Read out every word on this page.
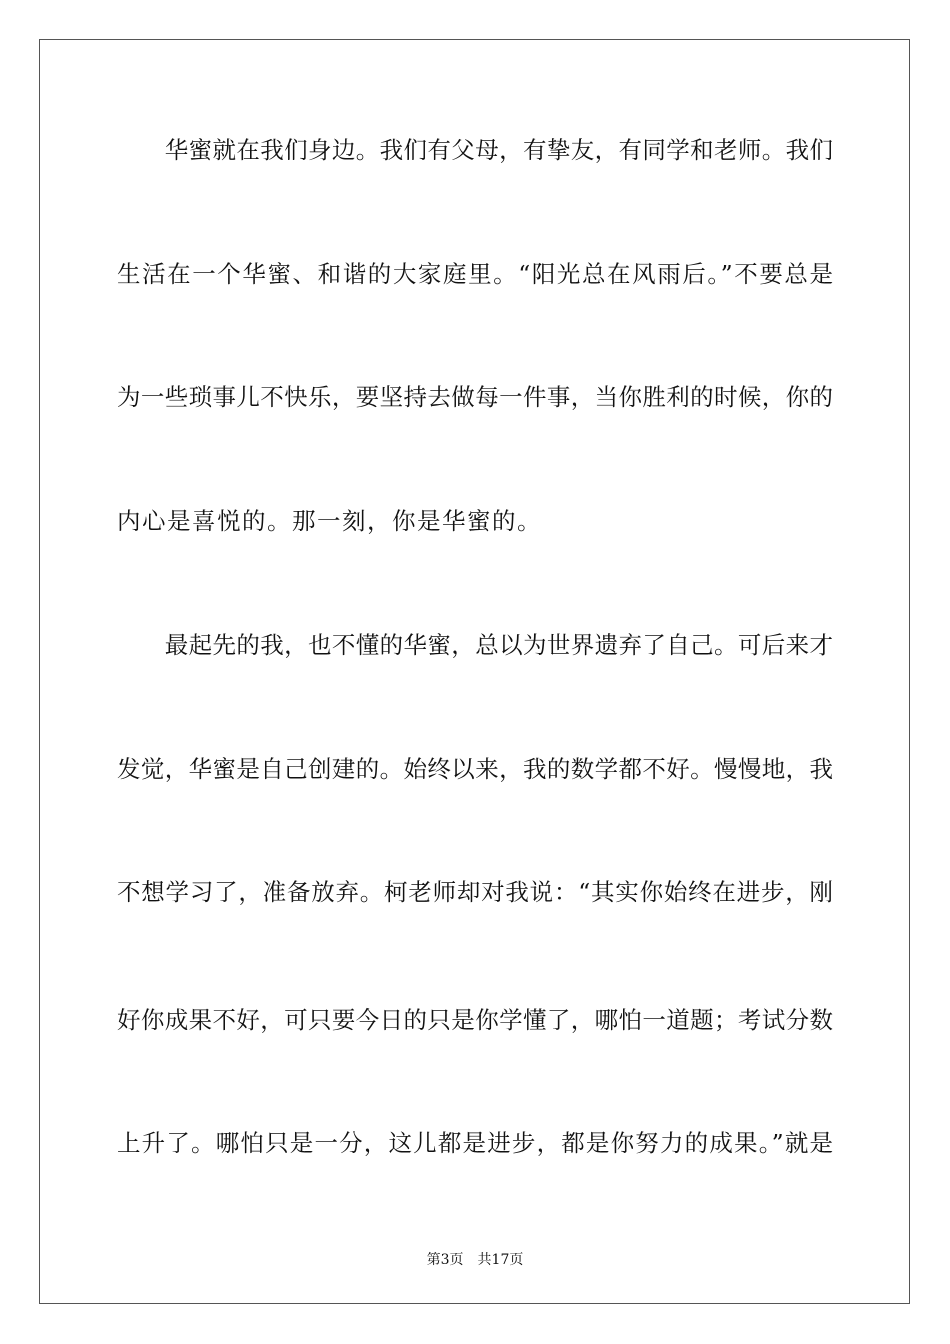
　　华蜜就在我们身边。我们有父母，有挚友，有同学和老师。我们
生活在一个华蜜、和谐的大家庭里。“阳光总在风雨后。”不要总是
为一些琐事儿不快乐，要坚持去做每一件事，当你胜利的时候，你的
内心是喜悦的。那一刻，你是华蜜的。
　　最起先的我，也不懂的华蜜，总以为世界遗弃了自己。可后来才
发觉，华蜜是自己创建的。始终以来，我的数学都不好。慢慢地，我
不想学习了，准备放弃。柯老师却对我说：“其实你始终在进步，刚
好你成果不好，可只要今日的只是你学懂了，哪怕一道题；考试分数
上升了。哪怕只是一分，这儿都是进步，都是你努力的成果。”就是
第3页 共17页
